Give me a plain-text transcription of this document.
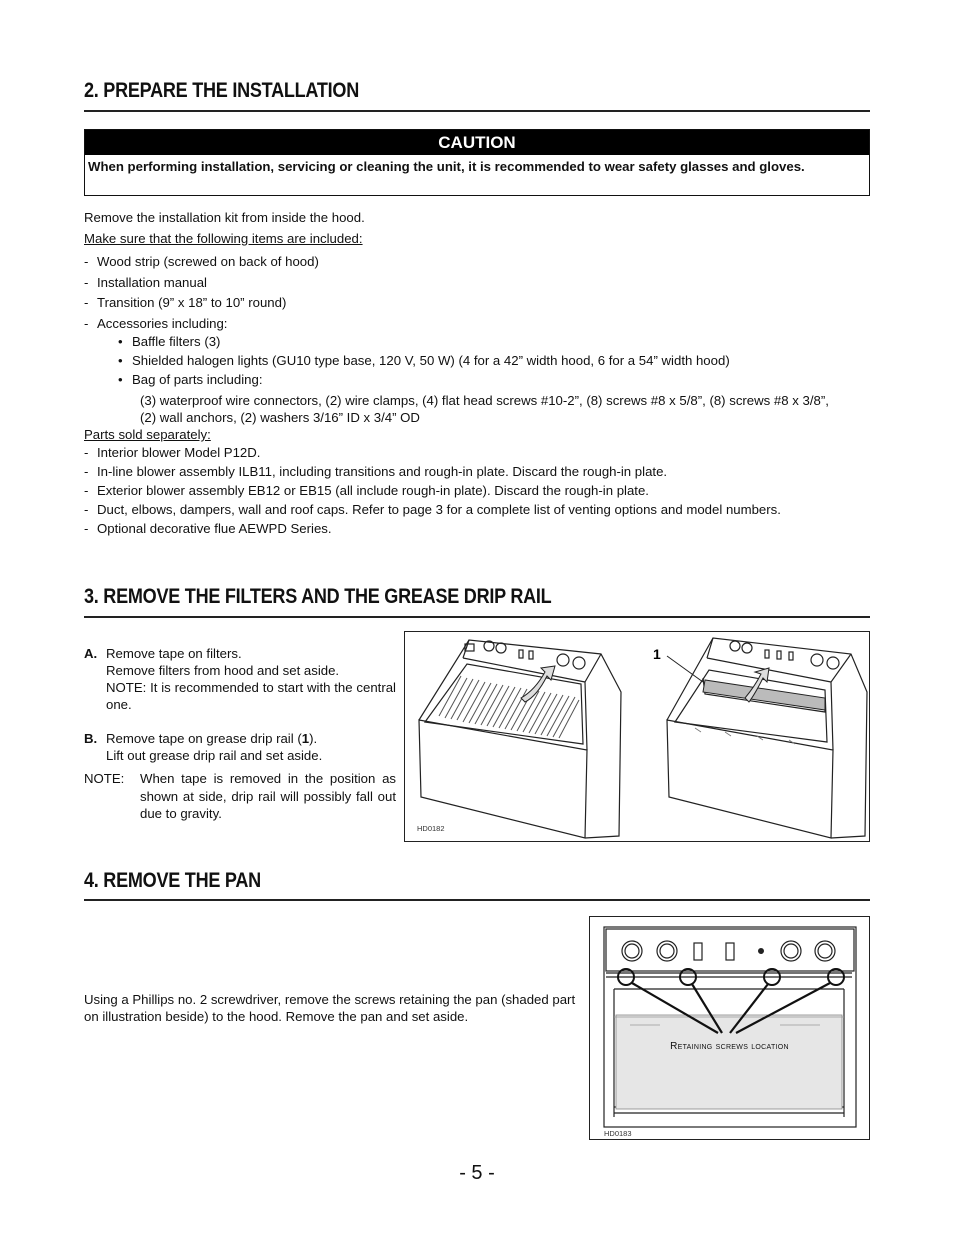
2. PREPARE THE INSTALLATION
CAUTION
When performing installation, servicing or cleaning the unit, it is recommended to wear safety glasses and gloves.
Remove the installation kit from inside the hood.
Make sure that the following items are included:
- Wood strip (screwed on back of hood)
- Installation manual
- Transition (9” x 18” to 10” round)
- Accessories including:
• Baffle filters (3)
• Shielded halogen lights (GU10 type base, 120 V, 50 W) (4 for a 42” width hood, 6 for a 54” width hood)
• Bag of parts including:
(3) waterproof wire connectors, (2) wire clamps, (4) flat head screws #10-2”, (8) screws #8 x 5/8”, (8) screws #8 x 3/8”,
(2) wall anchors, (2) washers 3/16” ID x 3/4” OD
Parts sold separately:
- Interior blower Model P12D.
- In-line blower assembly ILB11, including transitions and rough-in plate. Discard the rough-in plate.
- Exterior blower assembly EB12 or EB15 (all include rough-in plate). Discard the rough-in plate.
- Duct, elbows, dampers, wall and roof caps. Refer to page 3 for a complete list of venting options and model numbers.
- Optional decorative flue AEWPD Series.
3. REMOVE THE FILTERS AND THE GREASE DRIP RAIL
A. Remove tape on filters.
Remove filters from hood and set aside.
NOTE: It is recommended to start with the central one.
B. Remove tape on grease drip rail (1).
Lift out grease drip rail and set aside.
NOTE: When tape is removed in the position as shown at side, drip rail will possibly fall out due to gravity.
1
HD0182
4. REMOVE THE PAN
Using a Phillips no. 2 screwdriver, remove the screws retaining the pan (shaded part on illustration beside) to the hood. Remove the pan and set aside.
Retaining screws location
HD0183
- 5 -
